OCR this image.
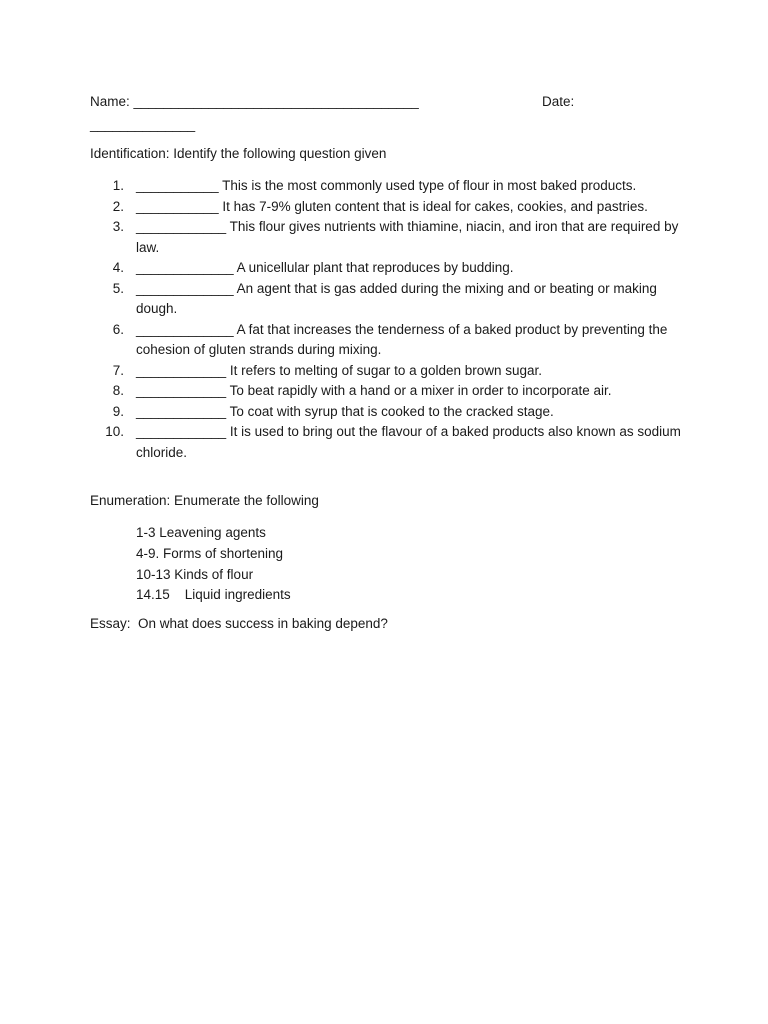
Name: ______________________________________	Date:
______________
Identification: Identify the following question given
1. ___________ This is the most commonly used type of flour in most baked products.
2. ___________ It has 7-9% gluten content that is ideal for cakes, cookies, and pastries.
3. ____________ This flour gives nutrients with thiamine, niacin, and iron that are required by law.
4. _____________ A unicellular plant that reproduces by budding.
5. _____________ An agent that is gas added during the mixing and or beating or making dough.
6. _____________ A fat that increases the tenderness of a baked product by preventing the cohesion of gluten strands during mixing.
7. ____________ It refers to melting of sugar to a golden brown sugar.
8. ____________ To beat rapidly with a hand or a mixer in order to incorporate air.
9. ____________ To coat with syrup that is cooked to the cracked stage.
10. ____________ It is used to bring out the flavour of a baked products also known as sodium chloride.
Enumeration: Enumerate the following
1-3 Leavening agents
4-9. Forms of shortening
10-13 Kinds of flour
14.15    Liquid ingredients
Essay:  On what does success in baking depend?
